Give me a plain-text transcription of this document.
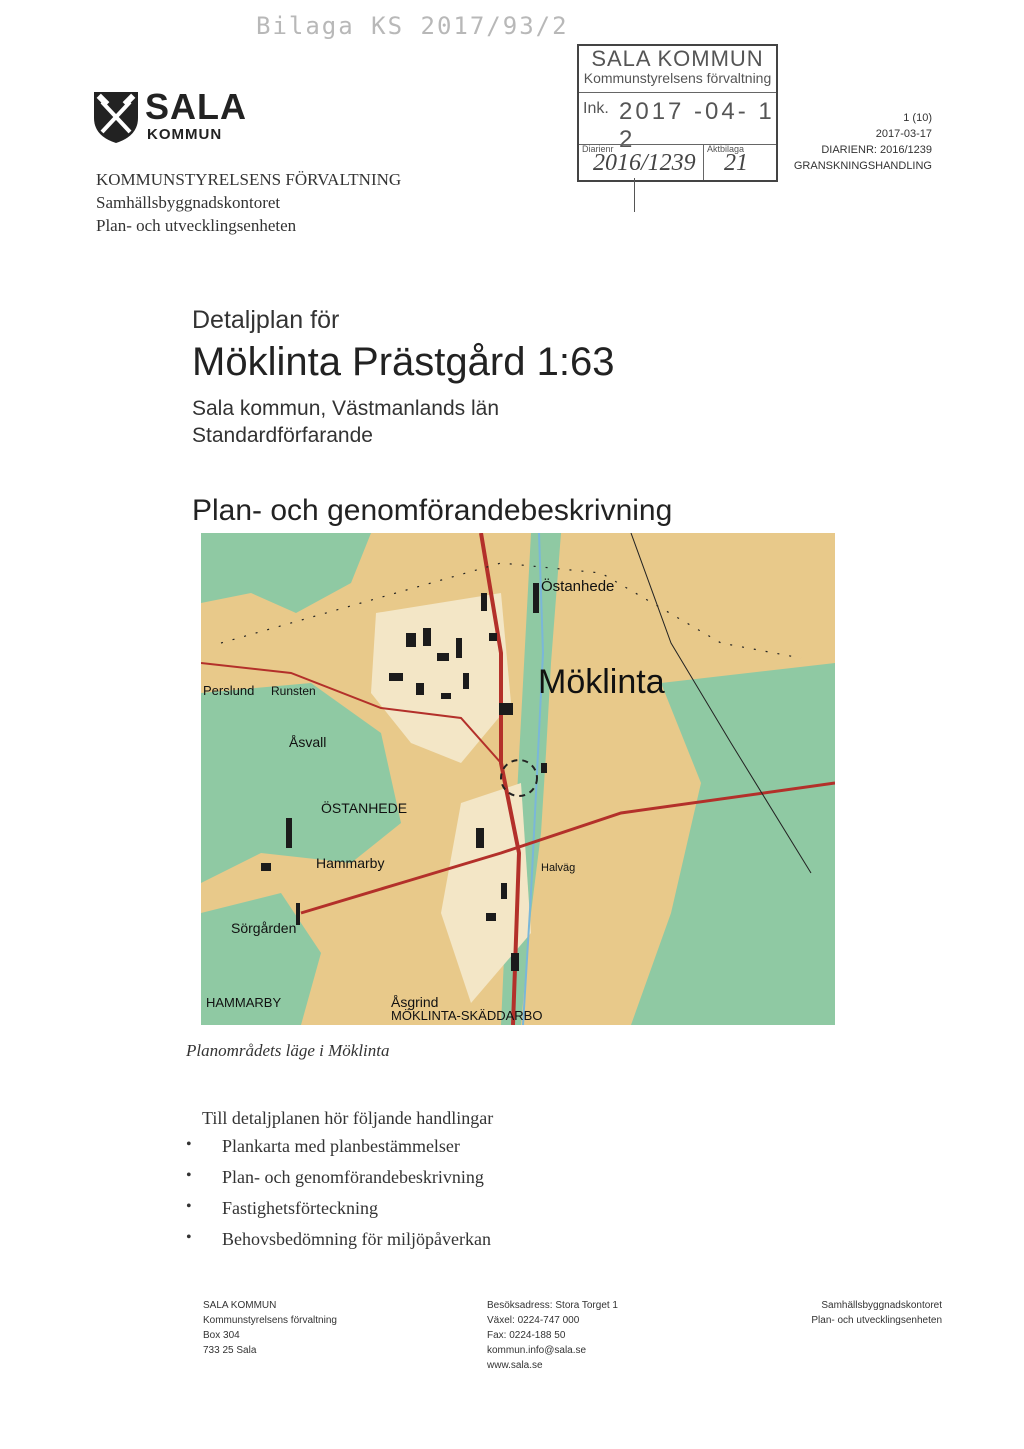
Bilaga KS 2017/93/2
SALA
KOMMUN
KOMMUNSTYRELSENS FÖRVALTNING
Samhällsbyggnadskontoret
Plan- och utvecklingsenheten
SALA KOMMUN
Kommunstyrelsens förvaltning
Ink. 2017 -04- 1 2
Diarienr	Aktbilaga
2016/1239 21
1 (10)
2017-03-17
DIARIENR: 2016/1239
GRANSKNINGSHANDLING
Detaljplan för
Möklinta Prästgård 1:63
Sala kommun, Västmanlands län
Standardförfarande
Plan- och genomförandebeskrivning
Möklinta
Östanhede
Perslund Runsten
Åsvall
ÖSTANHEDE
Hammarby
Sörgården
HAMMARBY	Åsgrind
MÖKLINTA-SKÄDDARBO
Halväg
Planområdets läge i Möklinta
Till detaljplanen hör följande handlingar
• Plankarta med planbestämmelser
• Plan- och genomförandebeskrivning
• Fastighetsförteckning
• Behovsbedömning för miljöpåverkan
SALA KOMMUN
Kommunstyrelsens förvaltning
Box 304
733 25 Sala
Besöksadress: Stora Torget 1
Växel: 0224-747 000
Fax: 0224-188 50
kommun.info@sala.se
www.sala.se
Samhällsbyggnadskontoret
Plan- och utvecklingsenheten
